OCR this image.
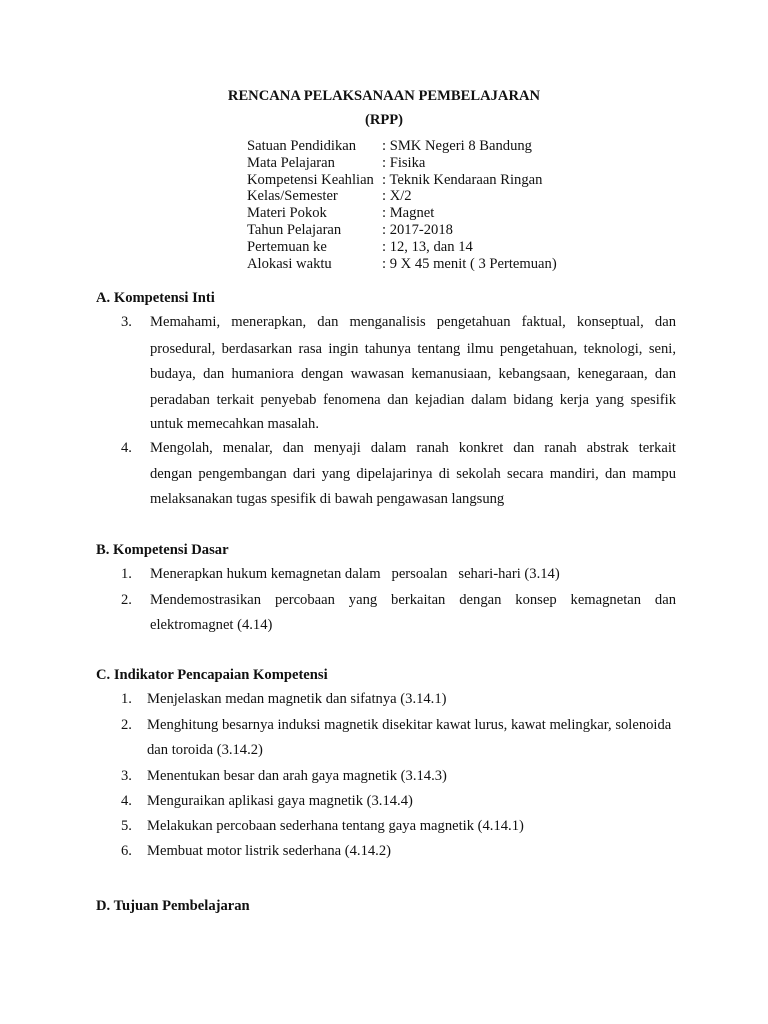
RENCANA PELAKSANAAN PEMBELAJARAN
(RPP)
Satuan Pendidikan : SMK Negeri 8 Bandung
Mata Pelajaran	: Fisika
Kompetensi Keahlian : Teknik Kendaraan Ringan
Kelas/Semester	: X/2
Materi Pokok	: Magnet
Tahun Pelajaran	: 2017-2018
Pertemuan ke	: 12, 13, dan 14
Alokasi waktu	: 9 X 45 menit ( 3 Pertemuan)
A. Kompetensi Inti
3. Memahami, menerapkan, dan menganalisis pengetahuan faktual, konseptual, dan
prosedural, berdasarkan rasa ingin tahunya tentang ilmu pengetahuan, teknologi, seni,
budaya, dan humaniora dengan wawasan kemanusiaan, kebangsaan, kenegaraan, dan
peradaban terkait penyebab fenomena dan kejadian dalam bidang kerja yang spesifik
untuk memecahkan masalah.
4. Mengolah, menalar, dan menyaji dalam ranah konkret dan ranah abstrak terkait
dengan pengembangan dari yang dipelajarinya di sekolah secara mandiri, dan mampu
melaksanakan tugas spesifik di bawah pengawasan langsung
B. Kompetensi Dasar
1. Menerapkan hukum kemagnetan dalam   persoalan   sehari-hari (3.14)
2. Mendemostrasikan percobaan yang berkaitan dengan konsep kemagnetan dan
elektromagnet (4.14)
C. Indikator Pencapaian Kompetensi
1. Menjelaskan medan magnetik dan sifatnya (3.14.1)
2. Menghitung besarnya induksi magnetik disekitar kawat lurus, kawat melingkar, solenoida
dan toroida (3.14.2)
3. Menentukan besar dan arah gaya magnetik (3.14.3)
4. Menguraikan aplikasi gaya magnetik (3.14.4)
5. Melakukan percobaan sederhana tentang gaya magnetik (4.14.1)
6. Membuat motor listrik sederhana (4.14.2)
D. Tujuan Pembelajaran
